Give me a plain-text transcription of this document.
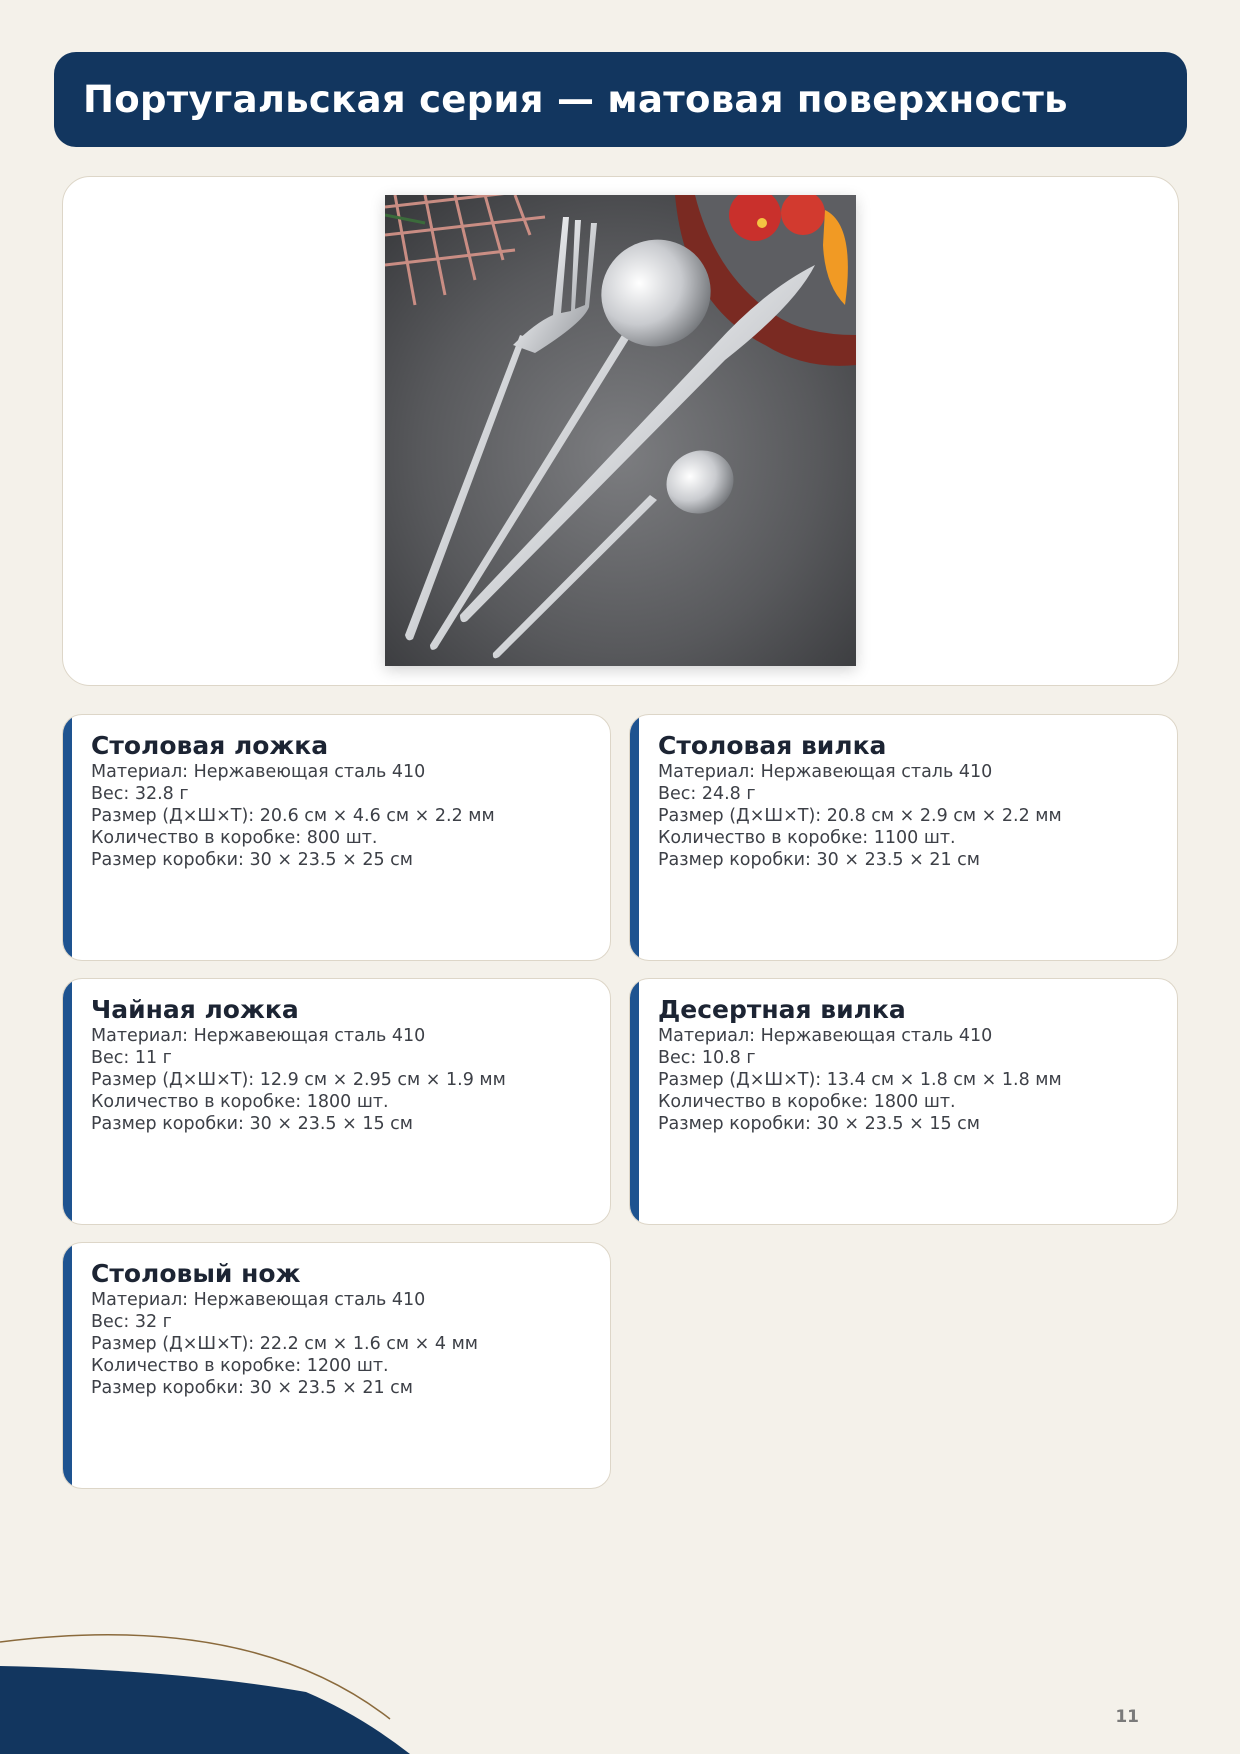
Португальская серия — матовая поверхность
Столовая ложка
Материал: Нержавеющая сталь 410
Вес: 32.8 г
Размер (Д×Ш×Т): 20.6 см × 4.6 см × 2.2 мм
Количество в коробке: 800 шт.
Размер коробки: 30 × 23.5 × 25 см
Столовая вилка
Материал: Нержавеющая сталь 410
Вес: 24.8 г
Размер (Д×Ш×Т): 20.8 см × 2.9 см × 2.2 мм
Количество в коробке: 1100 шт.
Размер коробки: 30 × 23.5 × 21 см
Чайная ложка
Материал: Нержавеющая сталь 410
Вес: 11 г
Размер (Д×Ш×Т): 12.9 см × 2.95 см × 1.9 мм
Количество в коробке: 1800 шт.
Размер коробки: 30 × 23.5 × 15 см
Десертная вилка
Материал: Нержавеющая сталь 410
Вес: 10.8 г
Размер (Д×Ш×Т): 13.4 см × 1.8 см × 1.8 мм
Количество в коробке: 1800 шт.
Размер коробки: 30 × 23.5 × 15 см
Столовый нож
Материал: Нержавеющая сталь 410
Вес: 32 г
Размер (Д×Ш×Т): 22.2 см × 1.6 см × 4 мм
Количество в коробке: 1200 шт.
Размер коробки: 30 × 23.5 × 21 см
11
